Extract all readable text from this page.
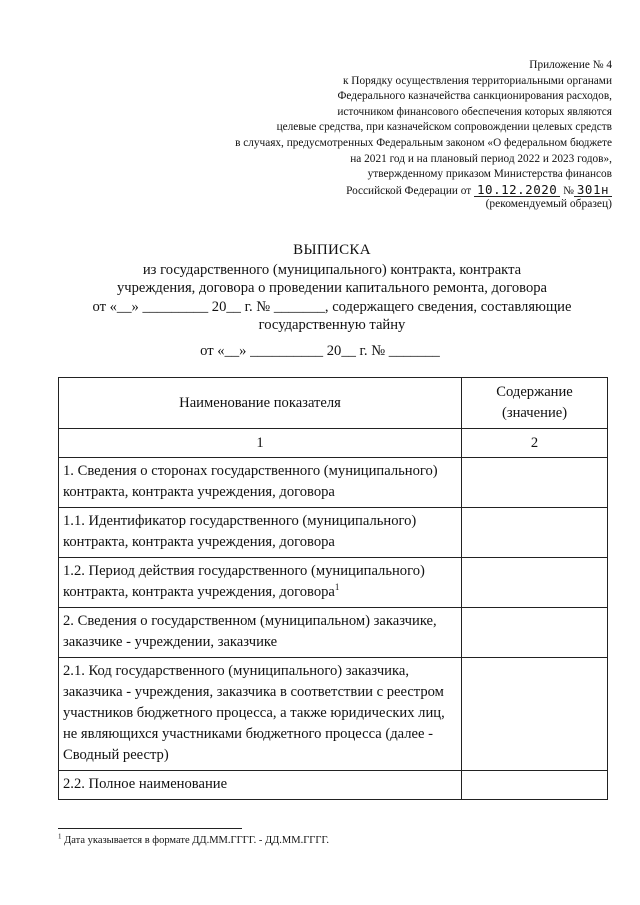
Приложение № 4
к Порядку осуществления территориальными органами
Федерального казначейства санкционирования расходов,
источником финансового обеспечения которых являются
целевые средства, при казначейском сопровождении целевых средств
в случаях, предусмотренных Федеральным законом «О федеральном бюджете
на 2021 год и на плановый период 2022 и 2023 годов»,
утвержденному приказом Министерства финансов
Российской Федерации от 10.12.2020 № 301н
(рекомендуемый образец)
ВЫПИСКА
из государственного (муниципального) контракта, контракта
учреждения, договора о проведении капитального ремонта, договора
от «__» _________ 20__ г. № _______, содержащего сведения, составляющие
государственную тайну
от «__» __________ 20__ г. № _______
Наименование показателя	Содержание (значение)
1	2
1. Сведения о сторонах государственного (муниципального) контракта, контракта учреждения, договора	
1.1. Идентификатор государственного (муниципального) контракта, контракта учреждения, договора	
1.2. Период действия государственного (муниципального) контракта, контракта учреждения, договора$^1$	
2. Сведения о государственном (муниципальном) заказчике, заказчике - учреждении, заказчике	
2.1. Код государственного (муниципального) заказчика, заказчика - учреждения, заказчика в соответствии с реестром участников бюджетного процесса, а также юридических лиц, не являющихся участниками бюджетного процесса (далее - Сводный реестр)	
2.2. Полное наименование	
$^1$ Дата указывается в формате ДД.ММ.ГГГГ. - ДД.ММ.ГГГГ.
